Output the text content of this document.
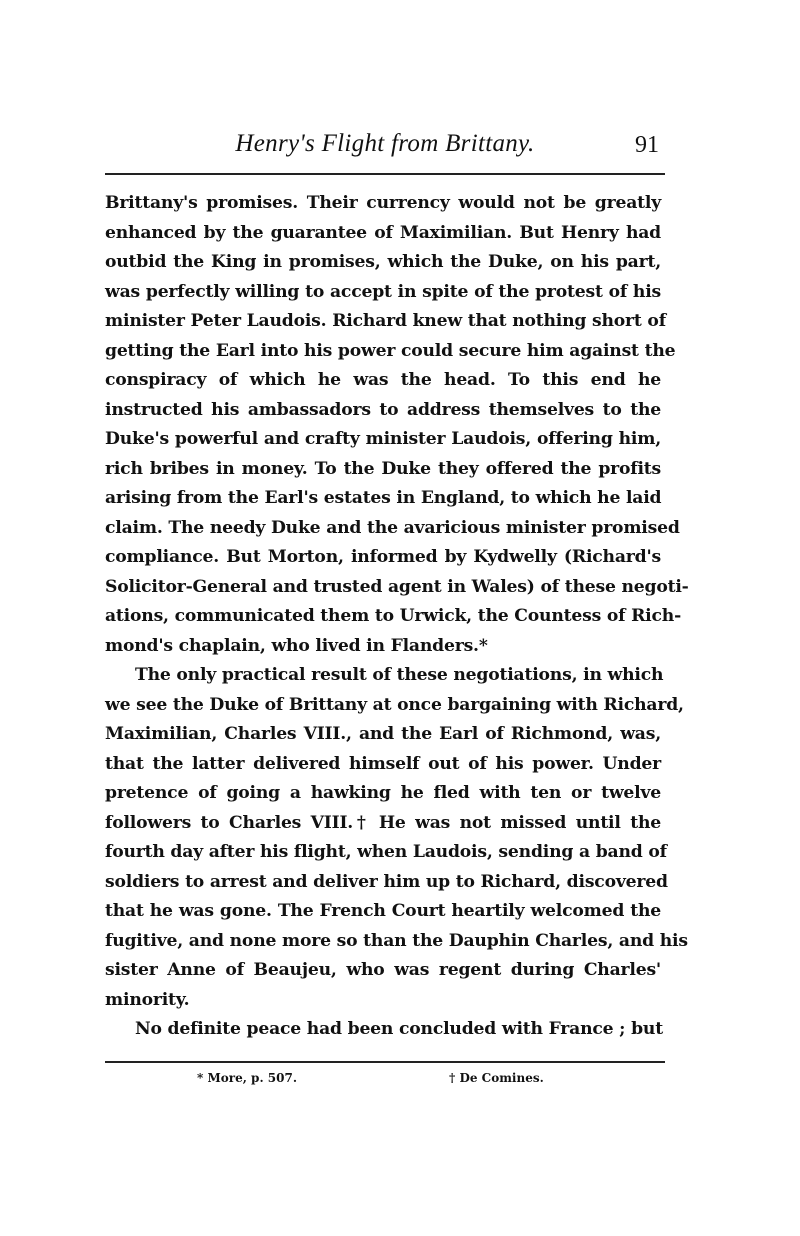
Henry's Flight from Brittany.	91
Brittany's promises. Their currency would not be greatly
enhanced by the guarantee of Maximilian. But Henry had
outbid the King in promises, which the Duke, on his part,
was perfectly willing to accept in spite of the protest of his
minister Peter Laudois. Richard knew that nothing short of
getting the Earl into his power could secure him against the
conspiracy of which he was the head. To this end he
instructed his ambassadors to address themselves to the
Duke's powerful and crafty minister Laudois, offering him,
rich bribes in money. To the Duke they offered the profits
arising from the Earl's estates in England, to which he laid
claim. The needy Duke and the avaricious minister promised
compliance. But Morton, informed by Kydwelly (Richard's
Solicitor-General and trusted agent in Wales) of these negoti-
ations, communicated them to Urwick, the Countess of Rich-
mond's chaplain, who lived in Flanders.*
The only practical result of these negotiations, in which
we see the Duke of Brittany at once bargaining with Richard,
Maximilian, Charles VIII., and the Earl of Richmond, was,
that the latter delivered himself out of his power. Under
pretence of going a hawking he fled with ten or twelve
followers to Charles VIII.† He was not missed until the
fourth day after his flight, when Laudois, sending a band of
soldiers to arrest and deliver him up to Richard, discovered
that he was gone. The French Court heartily welcomed the
fugitive, and none more so than the Dauphin Charles, and his
sister Anne of Beaujeu, who was regent during Charles'
minority.
No definite peace had been concluded with France ; but
* More, p. 507.	† De Comines.
